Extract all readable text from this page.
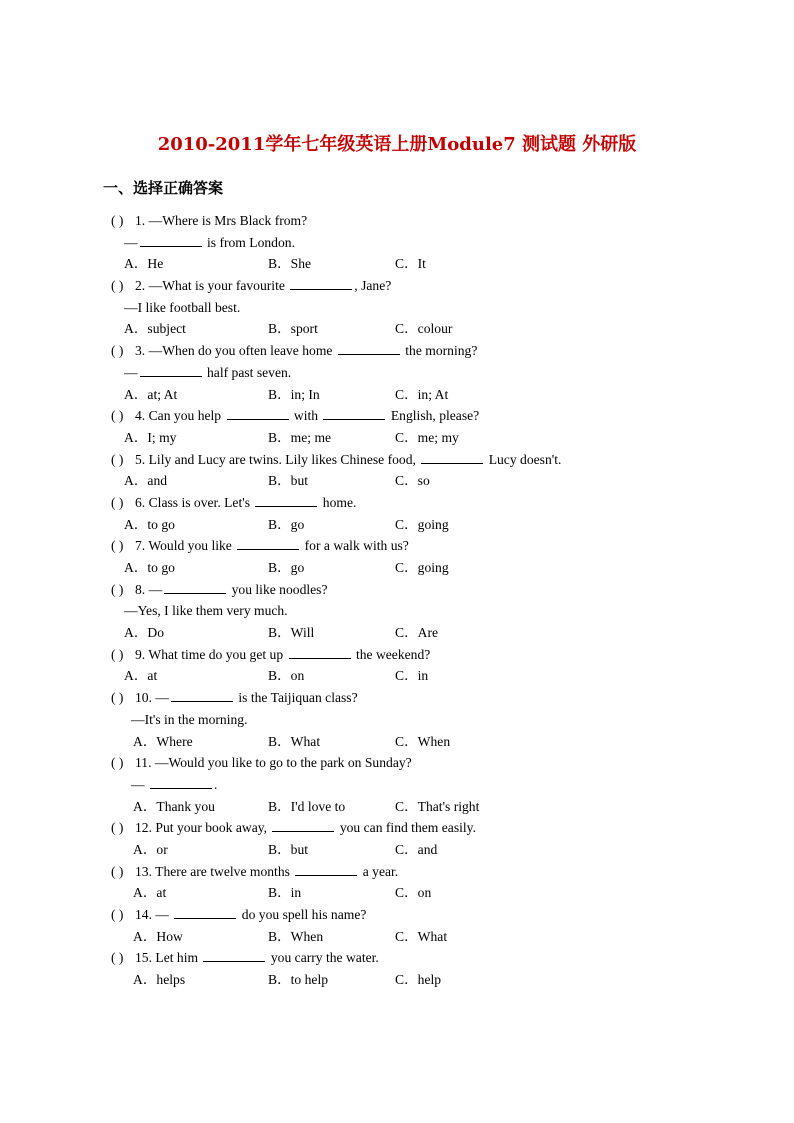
2010-2011学年七年级英语上册Module7 测试题 外研版
一、选择正确答案
( ) 1. —Where is Mrs Black from?
—	is from London.
A．He	B．She	C．It
( ) 2. —What is your favourite	, Jane?
—I like football best.
A．subject	B．sport	C．colour
( ) 3. —When do you often leave home	the morning?
—	half past seven.
A．at; At	B．in; In	C．in; At
( ) 4. Can you help	with	English, please?
A．I; my	B．me; me	C．me; my
( ) 5. Lily and Lucy are twins. Lily likes Chinese food,	Lucy doesn't.
A．and	B．but	C．so
( ) 6. Class is over. Let's	home.
A．to go	B．go	C．going
( ) 7. Would you like	for a walk with us?
A．to go	B．go	C．going
( ) 8. —	you like noodles?
—Yes, I like them very much.
A．Do	B．Will	C．Are
( ) 9. What time do you get up	the weekend?
A．at	B．on	C．in
( ) 10. —	is the Taijiquan class?
—It's in the morning.
A．Where	B．What	C．When
( ) 11. —Would you like to go to the park on Sunday?
—	.
A．Thank you	B．I'd love to	C．That's right
( ) 12. Put your book away,	you can find them easily.
A．or	B．but	C．and
( ) 13. There are twelve months	a year.
A．at	B．in	C．on
( ) 14. —	do you spell his name?
A．How	B．When	C．What
( ) 15. Let him	you carry the water.
A．helps	B．to help	C．help
